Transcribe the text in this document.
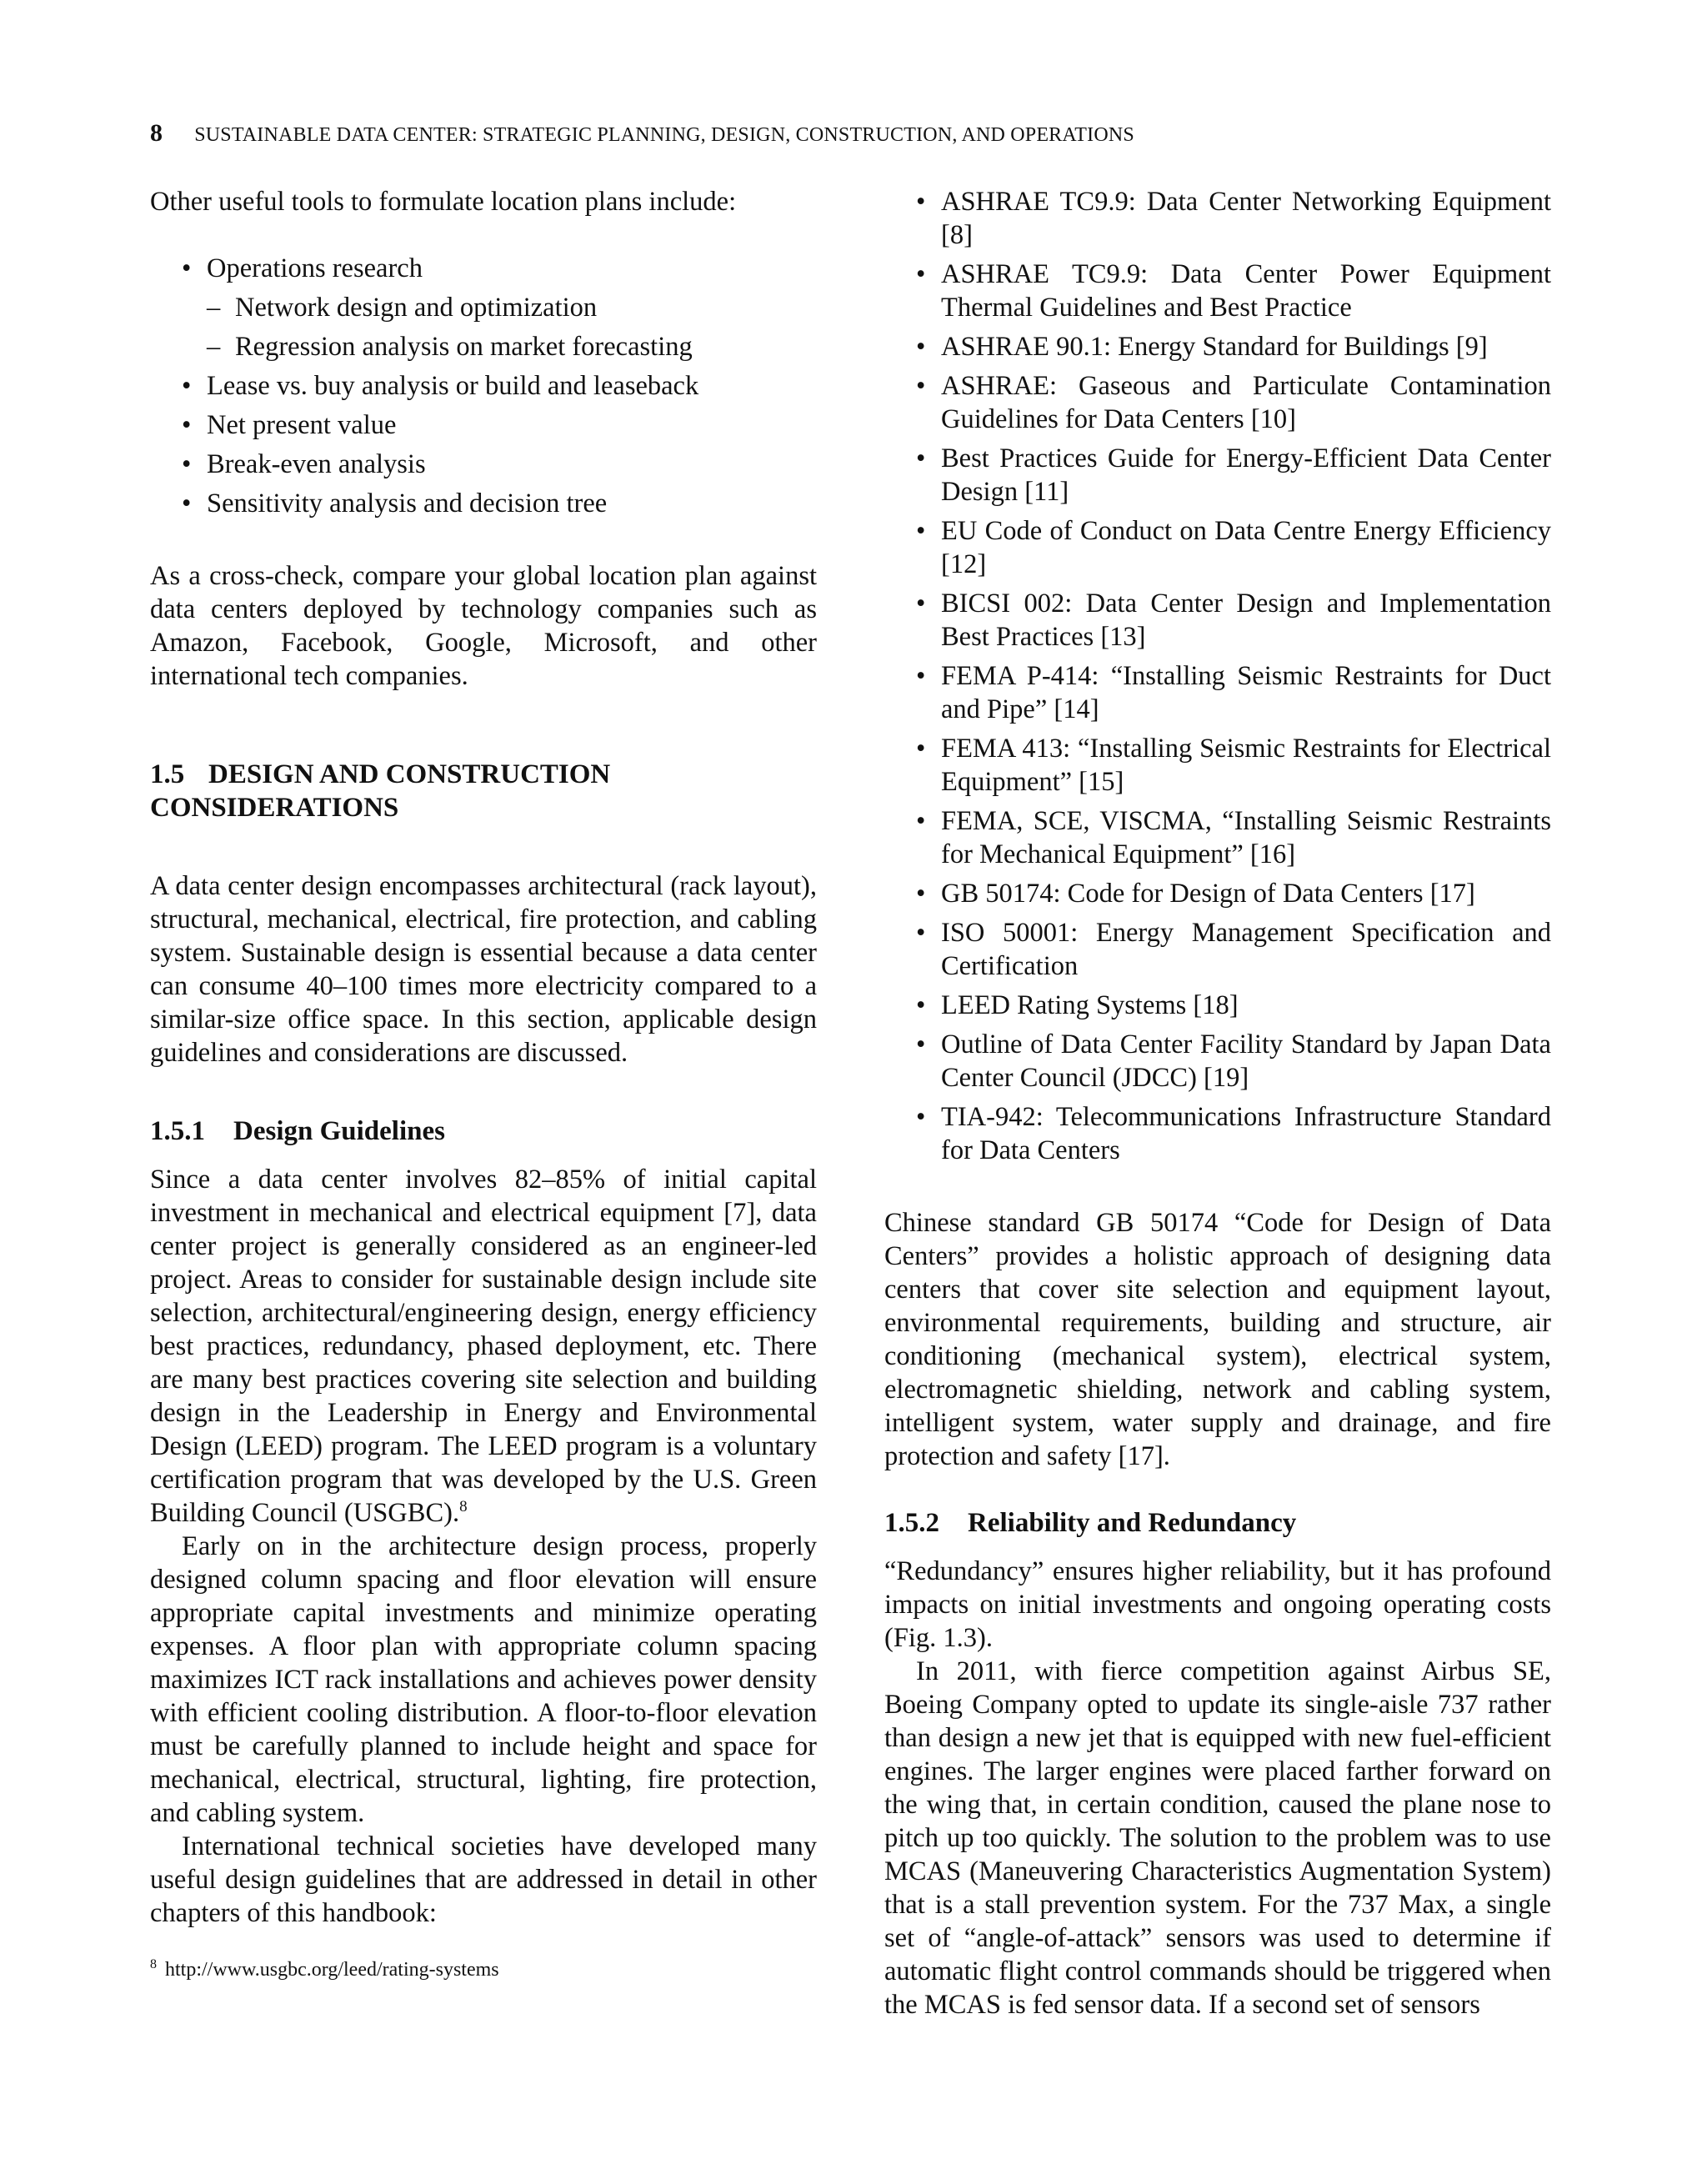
8 SUSTAINABLE DATA CENTER: STRATEGIC PLANNING, DESIGN, CONSTRUCTION, AND OPERATIONS

Other useful tools to formulate location plans include:

• Operations research
– Network design and optimization
– Regression analysis on market forecasting
• Lease vs. buy analysis or build and leaseback
• Net present value
• Break-even analysis
• Sensitivity analysis and decision tree

As a cross-check, compare your global location plan against data centers deployed by technology companies such as Amazon, Facebook, Google, Microsoft, and other international tech companies.

1.5 DESIGN AND CONSTRUCTION
CONSIDERATIONS

A data center design encompasses architectural (rack layout), structural, mechanical, electrical, fire protection, and cabling system. Sustainable design is essential because a data center can consume 40–100 times more electricity compared to a similar-size office space. In this section, applicable design guidelines and considerations are discussed.

1.5.1 Design Guidelines

Since a data center involves 82–85% of initial capital investment in mechanical and electrical equipment [7], data center project is generally considered as an engineer-led project. Areas to consider for sustainable design include site selection, architectural/engineering design, energy efficiency best practices, redundancy, phased deployment, etc. There are many best practices covering site selection and building design in the Leadership in Energy and Environmental Design (LEED) program. The LEED program is a voluntary certification program that was developed by the U.S. Green Building Council (USGBC).$^8$

Early on in the architecture design process, properly designed column spacing and floor elevation will ensure appropriate capital investments and minimize operating expenses. A floor plan with appropriate column spacing maximizes ICT rack installations and achieves power density with efficient cooling distribution. A floor-to-floor elevation must be carefully planned to include height and space for mechanical, electrical, structural, lighting, fire protection, and cabling system.

International technical societies have developed many useful design guidelines that are addressed in detail in other chapters of this handbook:

• ASHRAE TC9.9: Data Center Networking Equipment [8]
• ASHRAE TC9.9: Data Center Power Equipment Thermal Guidelines and Best Practice
• ASHRAE 90.1: Energy Standard for Buildings [9]
• ASHRAE: Gaseous and Particulate Contamination Guidelines for Data Centers [10]
• Best Practices Guide for Energy-Efficient Data Center Design [11]
• EU Code of Conduct on Data Centre Energy Efficiency [12]
• BICSI 002: Data Center Design and Implementation Best Practices [13]
• FEMA P-414: “Installing Seismic Restraints for Duct and Pipe” [14]
• FEMA 413: “Installing Seismic Restraints for Electrical Equipment” [15]
• FEMA, SCE, VISCMA, “Installing Seismic Restraints for Mechanical Equipment” [16]
• GB 50174: Code for Design of Data Centers [17]
• ISO 50001: Energy Management Specification and Certification
• LEED Rating Systems [18]
• Outline of Data Center Facility Standard by Japan Data Center Council (JDCC) [19]
• TIA-942: Telecommunications Infrastructure Standard for Data Centers

Chinese standard GB 50174 “Code for Design of Data Centers” provides a holistic approach of designing data centers that cover site selection and equipment layout, environmental requirements, building and structure, air conditioning (mechanical system), electrical system, electromagnetic shielding, network and cabling system, intelligent system, water supply and drainage, and fire protection and safety [17].

1.5.2 Reliability and Redundancy

“Redundancy” ensures higher reliability, but it has profound impacts on initial investments and ongoing operating costs (Fig. 1.3).

In 2011, with fierce competition against Airbus SE, Boeing Company opted to update its single-aisle 737 rather than design a new jet that is equipped with new fuel-efficient engines. The larger engines were placed farther forward on the wing that, in certain condition, caused the plane nose to pitch up too quickly. The solution to the problem was to use MCAS (Maneuvering Characteristics Augmentation System) that is a stall prevention system. For the 737 Max, a single set of “angle-of-attack” sensors was used to determine if automatic flight control commands should be triggered when the MCAS is fed sensor data. If a second set of sensors

$^8$ http://www.usgbc.org/leed/rating-systems
